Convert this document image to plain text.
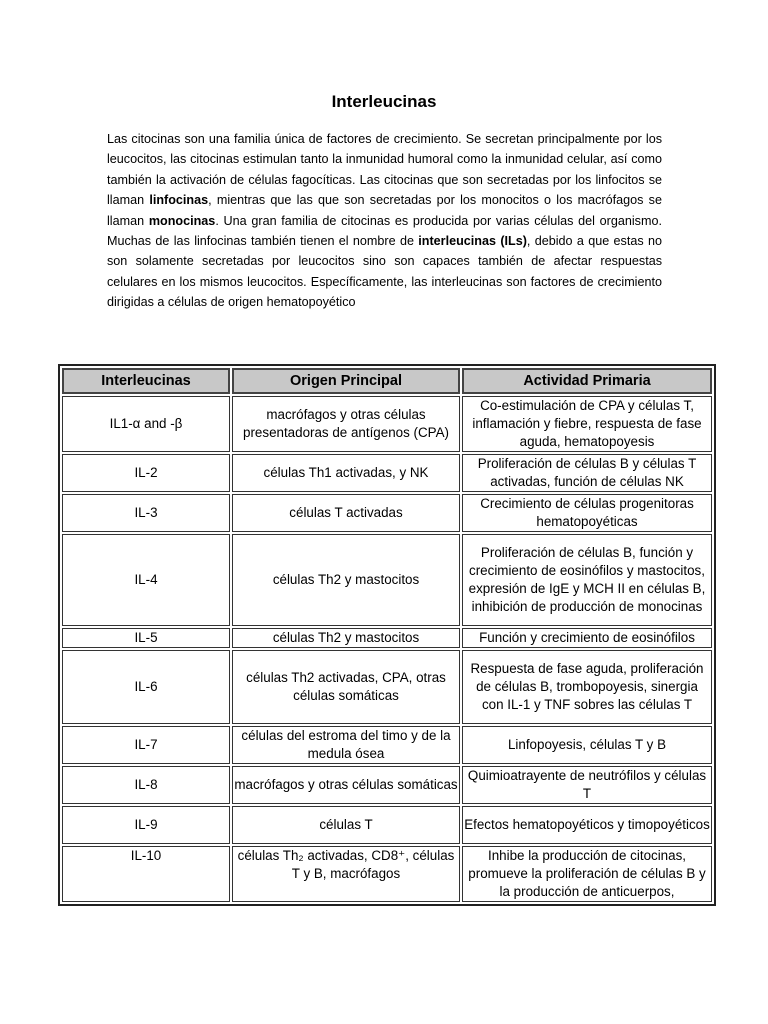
Interleucinas
Las citocinas son una familia única de factores de crecimiento. Se secretan principalmente por los leucocitos, las citocinas estimulan tanto la inmunidad humoral como la inmunidad celular, así como también la activación de células fagocíticas. Las citocinas que son secretadas por los linfocitos se llaman linfocinas, mientras que las que son secretadas por los monocitos o los macrófagos se llaman monocinas. Una gran familia de citocinas es producida por varias células del organismo. Muchas de las linfocinas también tienen el nombre de interleucinas (ILs), debido a que estas no son solamente secretadas por leucocitos sino son capaces también de afectar respuestas celulares en los mismos leucocitos. Específicamente, las interleucinas son factores de crecimiento dirigidas a células de origen hematopoyético
Interleucinas	Origen Principal	Actividad Primaria
IL1-α and -β	macrófagos y otras células presentadoras de antígenos (CPA)	Co-estimulación de CPA y células T, inflamación y fiebre, respuesta de fase aguda, hematopoyesis
IL-2	células Th1 activadas, y NK	Proliferación de células B y células T activadas, función de células NK
IL-3	células T activadas	Crecimiento de células progenitoras hematopoyéticas
IL-4	células Th2 y mastocitos	Proliferación de células B, función y crecimiento de eosinófilos y mastocitos, expresión de IgE y MCH II en células B, inhibición de producción de monocinas
IL-5	células Th2 y mastocitos	Función y crecimiento de eosinófilos
IL-6	células Th2 activadas, CPA, otras células somáticas	Respuesta de fase aguda, proliferación de células B, trombopoyesis, sinergia con IL-1 y TNF sobres las células T
IL-7	células del estroma del timo y de la medula ósea	Linfopoyesis, células T y B
IL-8	macrófagos y otras células somáticas	Quimioatrayente de neutrófilos y células T
IL-9	células T	Efectos hematopoyéticos y timopoyéticos
IL-10	células Th₂ activadas, CD8⁺, células T y B, macrófagos	Inhibe la producción de citocinas, promueve la proliferación de células B y la producción de anticuerpos,
